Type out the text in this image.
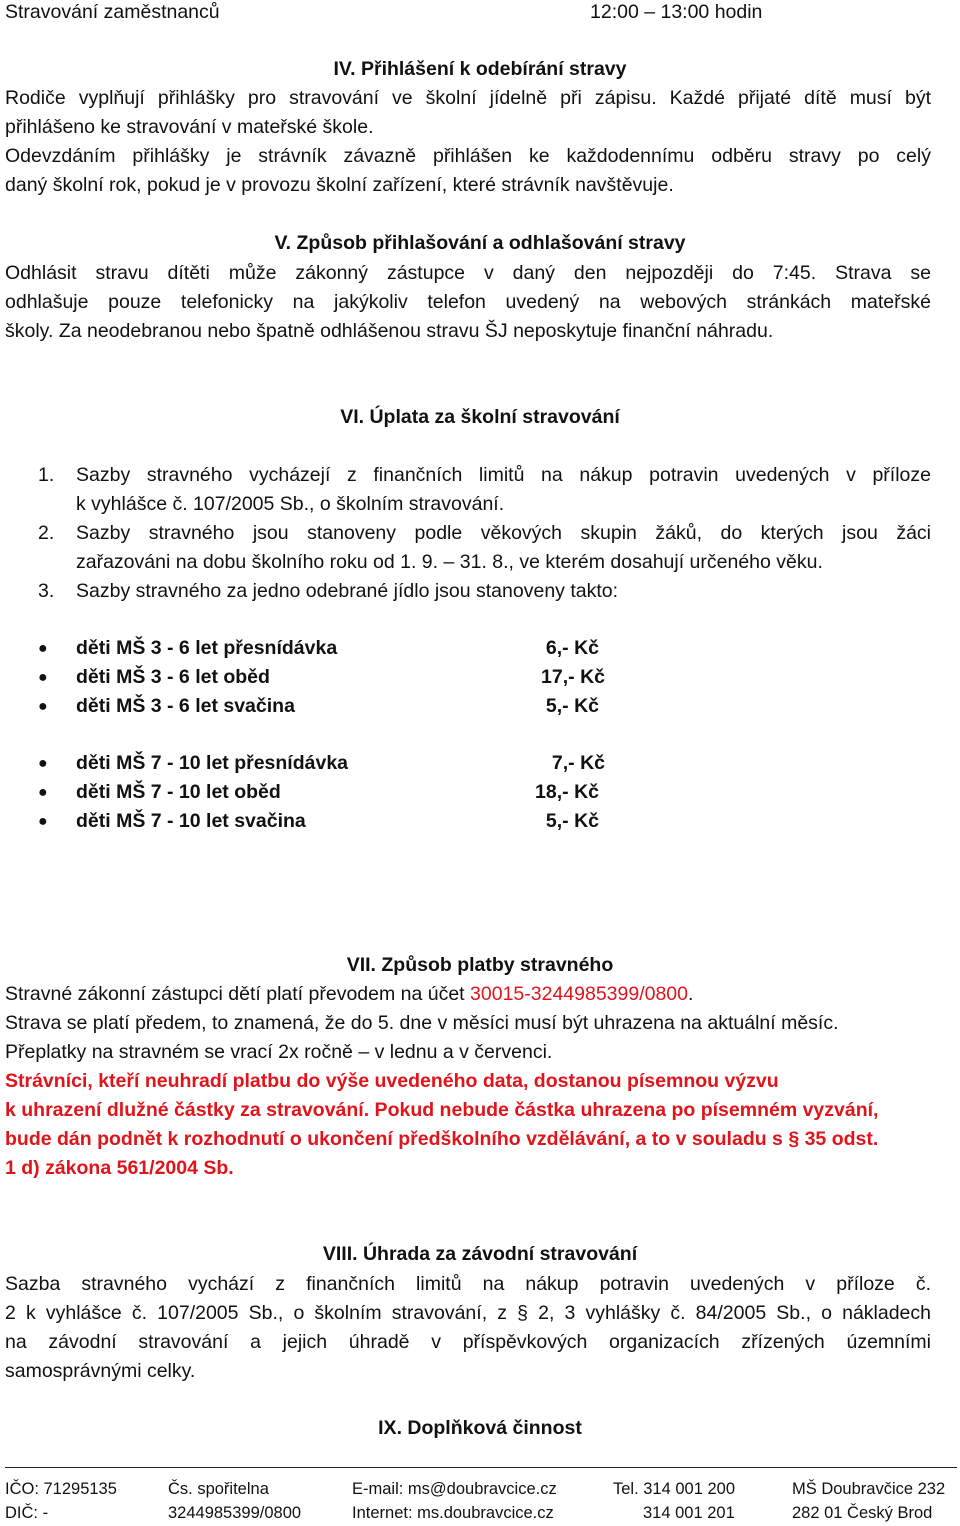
Stravování zaměstnanců	12:00 – 13:00 hodin
IV. Přihlášení k odebírání stravy
Rodiče vyplňují přihlášky pro stravování ve školní jídelně při zápisu. Každé přijaté dítě musí být
přihlášeno ke stravování v mateřské škole.
Odevzdáním přihlášky je strávník závazně přihlášen ke každodennímu odběru stravy po celý
daný školní rok, pokud je v provozu školní zařízení, které strávník navštěvuje.
V. Způsob přihlašování a odhlašování stravy
Odhlásit stravu dítěti může zákonný zástupce v daný den nejpozději do 7:45. Strava se
odhlašuje pouze telefonicky na jakýkoliv telefon uvedený na webových stránkách mateřské
školy. Za neodebranou nebo špatně odhlášenou stravu ŠJ neposkytuje finanční náhradu.
VI. Úplata za školní stravování
1. Sazby stravného vycházejí z finančních limitů na nákup potravin uvedených v příloze
k vyhlášce č. 107/2005 Sb., o školním stravování.
2. Sazby stravného jsou stanoveny podle věkových skupin žáků, do kterých jsou žáci
zařazováni na dobu školního roku od 1. 9. – 31. 8., ve kterém dosahují určeného věku.
3. Sazby stravného za jedno odebrané jídlo jsou stanoveny takto:
● děti MŠ 3 - 6 let přesnídávka	6,- Kč
● děti MŠ 3 - 6 let oběd	17,- Kč
● děti MŠ 3 - 6 let svačina	5,- Kč
● děti MŠ 7 - 10 let přesnídávka	7,- Kč
● děti MŠ 7 - 10 let oběd	18,- Kč
● děti MŠ 7 - 10 let svačina	5,- Kč
VII. Způsob platby stravného
Stravné zákonní zástupci dětí platí převodem na účet 30015-3244985399/0800.
Strava se platí předem, to znamená, že do 5. dne v měsíci musí být uhrazena na aktuální měsíc.
Přeplatky na stravném se vrací 2x ročně – v lednu a v červenci.
Strávníci, kteří neuhradí platbu do výše uvedeného data, dostanou písemnou výzvu
k uhrazení dlužné částky za stravování. Pokud nebude částka uhrazena po písemném vyzvání,
bude dán podnět k rozhodnutí o ukončení předškolního vzdělávání, a to v souladu s § 35 odst.
1 d) zákona 561/2004 Sb.
VIII. Úhrada za závodní stravování
Sazba stravného vychází z finančních limitů na nákup potravin uvedených v příloze č.
2 k vyhlášce č. 107/2005 Sb., o školním stravování, z § 2, 3 vyhlášky č. 84/2005 Sb., o nákladech
na závodní stravování a jejich úhradě v příspěvkových organizacích zřízených územními
samosprávnými celky.
IX. Doplňková činnost
IČO: 71295135	Čs. spořitelna	E-mail: ms@doubravcice.cz	Tel. 314 001 200	MŠ Doubravčice 232
DIČ: -	3244985399/0800	Internet: ms.doubravcice.cz	314 001 201	282 01 Český Brod
